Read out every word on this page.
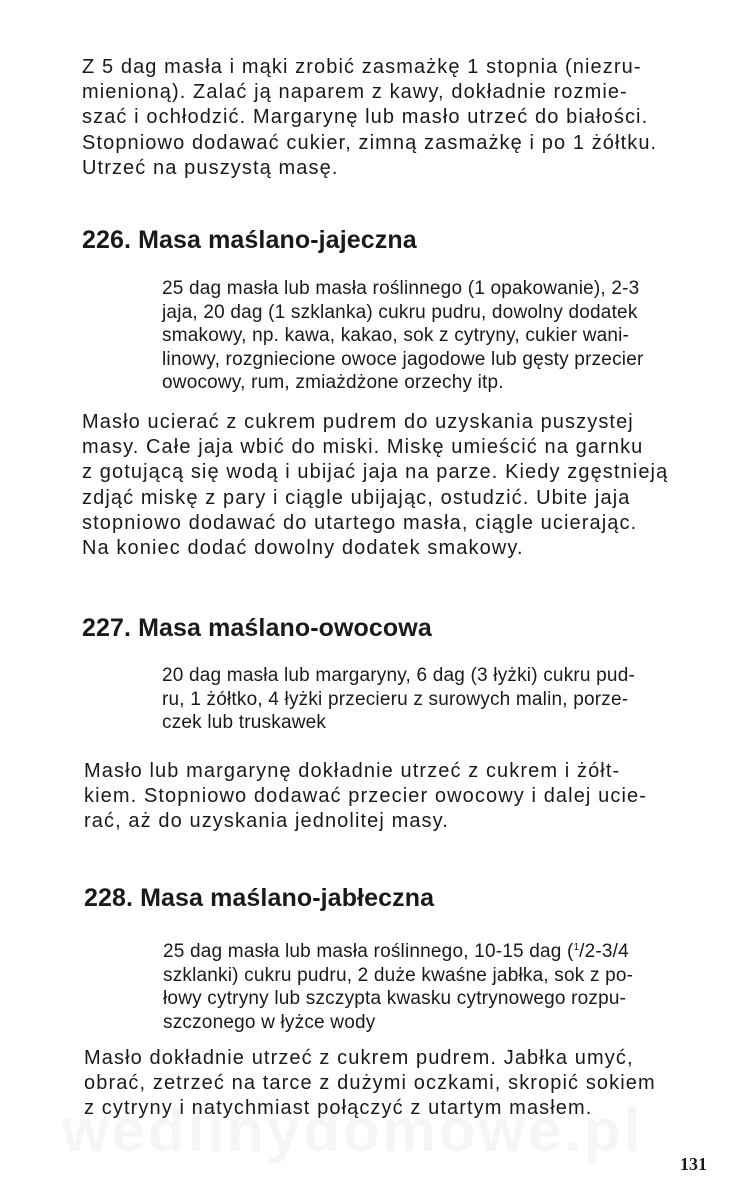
Z 5 dag masła i mąki zrobić zasmażkę 1 stopnia (niezru-
mienioną). Zalać ją naparem z kawy, dokładnie rozmie-
szać i ochłodzić. Margarynę lub masło utrzeć do białości.
Stopniowo dodawać cukier, zimną zasmażkę i po 1 żółtku.
Utrzeć na puszystą masę.

226. Masa maślano-jajeczna

25 dag masła lub masła roślinnego (1 opakowanie), 2-3
jaja, 20 dag (1 szklanka) cukru pudru, dowolny dodatek
smakowy, np. kawa, kakao, sok z cytryny, cukier wani-
linowy, rozgniecione owoce jagodowe lub gęsty przecier
owocowy, rum, zmiażdżone orzechy itp.

Masło ucierać z cukrem pudrem do uzyskania puszystej
masy. Całe jaja wbić do miski. Miskę umieścić na garnku
z gotującą się wodą i ubijać jaja na parze. Kiedy zgęstnieją
zdjąć miskę z pary i ciągle ubijając, ostudzić. Ubite jaja
stopniowo dodawać do utartego masła, ciągle ucierając.
Na koniec dodać dowolny dodatek smakowy.

227. Masa maślano-owocowa

20 dag masła lub margaryny, 6 dag (3 łyżki) cukru pud-
ru, 1 żółtko, 4 łyżki przecieru z surowych malin, porze-
czek lub truskawek

Masło lub margarynę dokładnie utrzeć z cukrem i żółt-
kiem. Stopniowo dodawać przecier owocowy i dalej ucie-
rać, aż do uzyskania jednolitej masy.

228. Masa maślano-jabłeczna

25 dag masła lub masła roślinnego, 10-15 dag ($^1$/2-3/4
szklanki) cukru pudru, 2 duże kwaśne jabłka, sok z po-
łowy cytryny lub szczypta kwasku cytrynowego rozpu-
szczonego w łyżce wody

Masło dokładnie utrzeć z cukrem pudrem. Jabłka umyć,
obrać, zetrzeć na tarce z dużymi oczkami, skropić sokiem
z cytryny i natychmiast połączyć z utartym masłem.

131
